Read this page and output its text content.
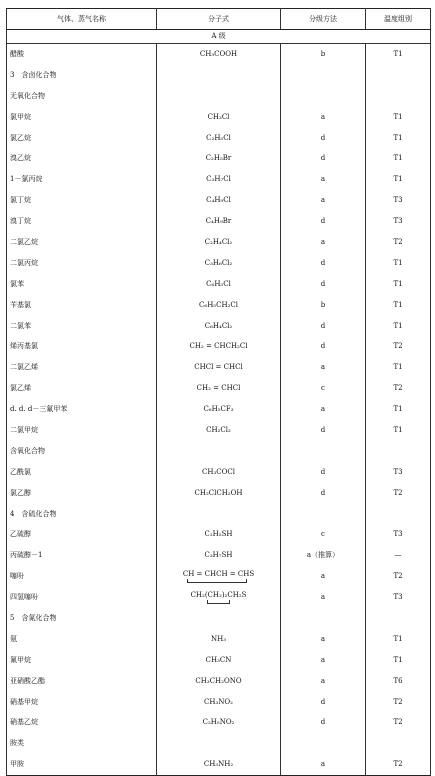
气体、蒸气名称	分子式	分级方法	温度组别
A 级			
醋酸	CH₃COOH	b	T1
3　含卤化合物			
无氧化合物			
氯甲烷	CH₃Cl	a	T1
氯乙烷	C₂H₅Cl	d	T1
溴乙烷	C₂H₅Br	d	T1
1－氯丙烷	C₃H₇Cl	a	T1
氯丁烷	C₄H₉Cl	a	T3
溴丁烷	C₄H₉Br	d	T3
二氯乙烷	C₂H₄Cl₂	a	T2
二氯丙烷	C₃H₆Cl₂	d	T1
氯苯	C₆H₅Cl	d	T1
苄基氯	C₆H₅CH₂Cl	b	T1
二氯苯	C₆H₄Cl₂	d	T1
烯丙基氯	CH₂ = CHCH₂Cl	d	T2
二氯乙烯	CHCl = CHCl	a	T1
氯乙烯	CH₂ = CHCl	c	T2
d. d. d－三氟甲苯	C₆H₅CF₃	a	T1
二氯甲烷	CH₂Cl₂	d	T1
含氧化合物			
乙酰氯	CH₃COCl	d	T3
氯乙醇	CH₂ClCH₂OH	d	T2
4　含硫化合物			
乙硫醇	C₂H₅SH	c	T3
丙硫醇－1	C₃H₇SH	a（推算）	—
噻吩	CH = CHCH = CHS	a	T2
四氢噻吩	CH₂(CH₂)₂CH₂S	a	T3
5　含氮化合物			
氨	NH₃	a	T1
氰甲烷	CH₃CN	a	T1
亚硝酸乙酯	CH₃CH₂ONO	a	T6
硝基甲烷	CH₃NO₂	d	T2
硝基乙烷	C₂H₅NO₂	d	T2
胺类			
甲胺	CH₃NH₂	a	T2
